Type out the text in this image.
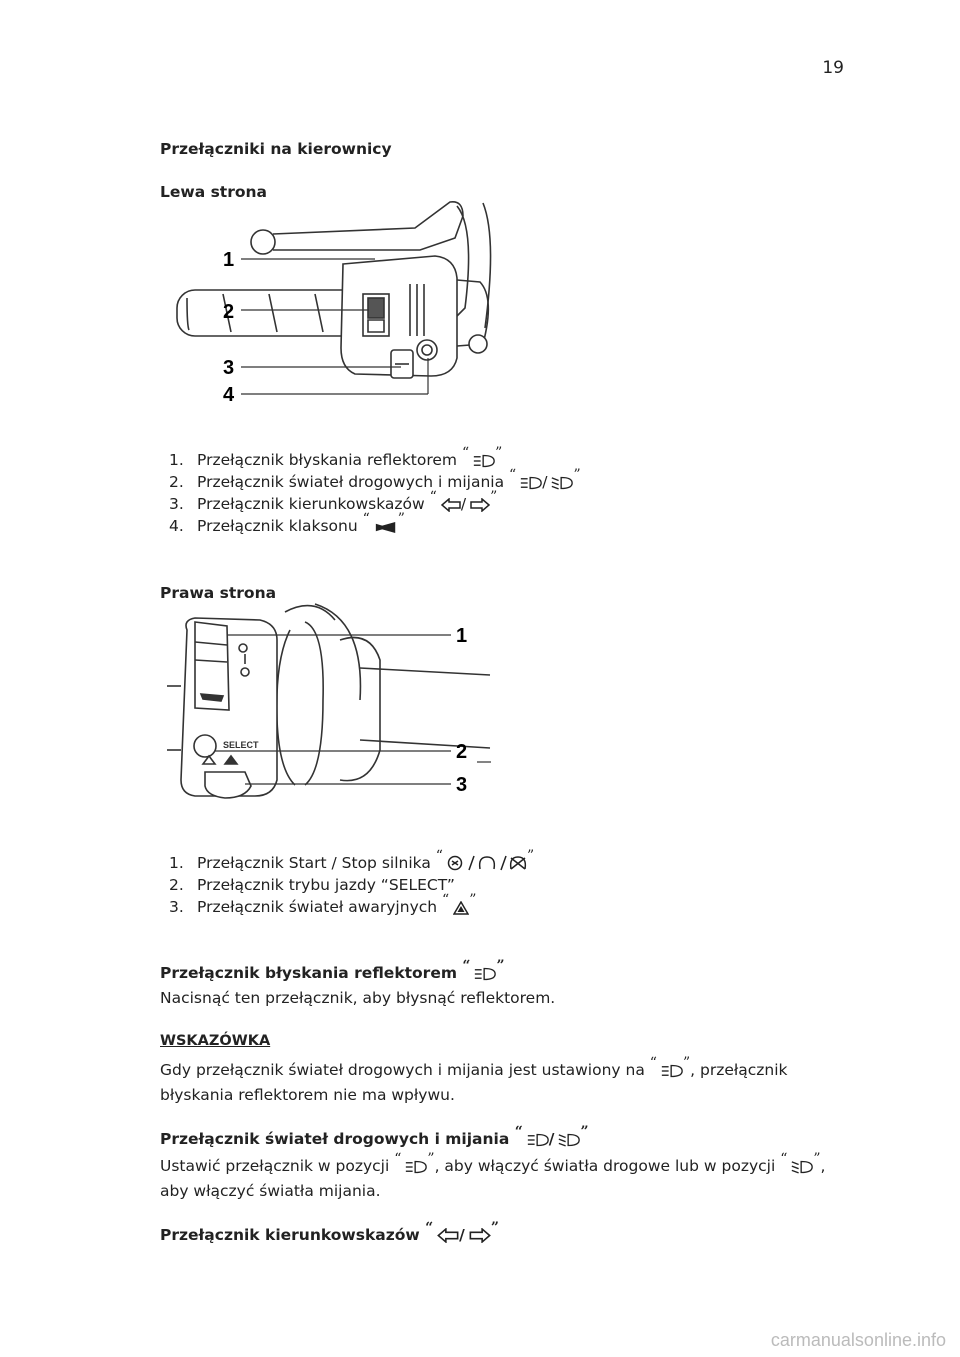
19
Przełączniki na kierownicy
Lewa strona
1
2
3
4
1. Przełącznik błyskania reflektorem “ ”
2. Przełącznik świateł drogowych i mijania “ / ”
3. Przełącznik kierunkowskazów “ / ”
4. Przełącznik klaksonu “ ”
Prawa strona
SELECT
1
2
3
1. Przełącznik Start / Stop silnika “	”
2. Przełącznik trybu jazdy “SELECT”
3. Przełącznik świateł awaryjnych “ ”
Przełącznik błyskania reflektorem “ ”
Nacisnąć ten przełącznik, aby błysnąć reflektorem.
WSKAZÓWKA
Gdy przełącznik świateł drogowych i mijania jest ustawiony na “ ”, przełącznik błyskania reflektorem nie ma wpływu.
Przełącznik świateł drogowych i mijania “ / ”
Ustawić przełącznik w pozycji “ ”, aby włączyć światła drogowe lub w pozycji “ ”, aby włączyć światła mijania.
Przełącznik kierunkowskazów “ / ”
carmanualsonline.info
